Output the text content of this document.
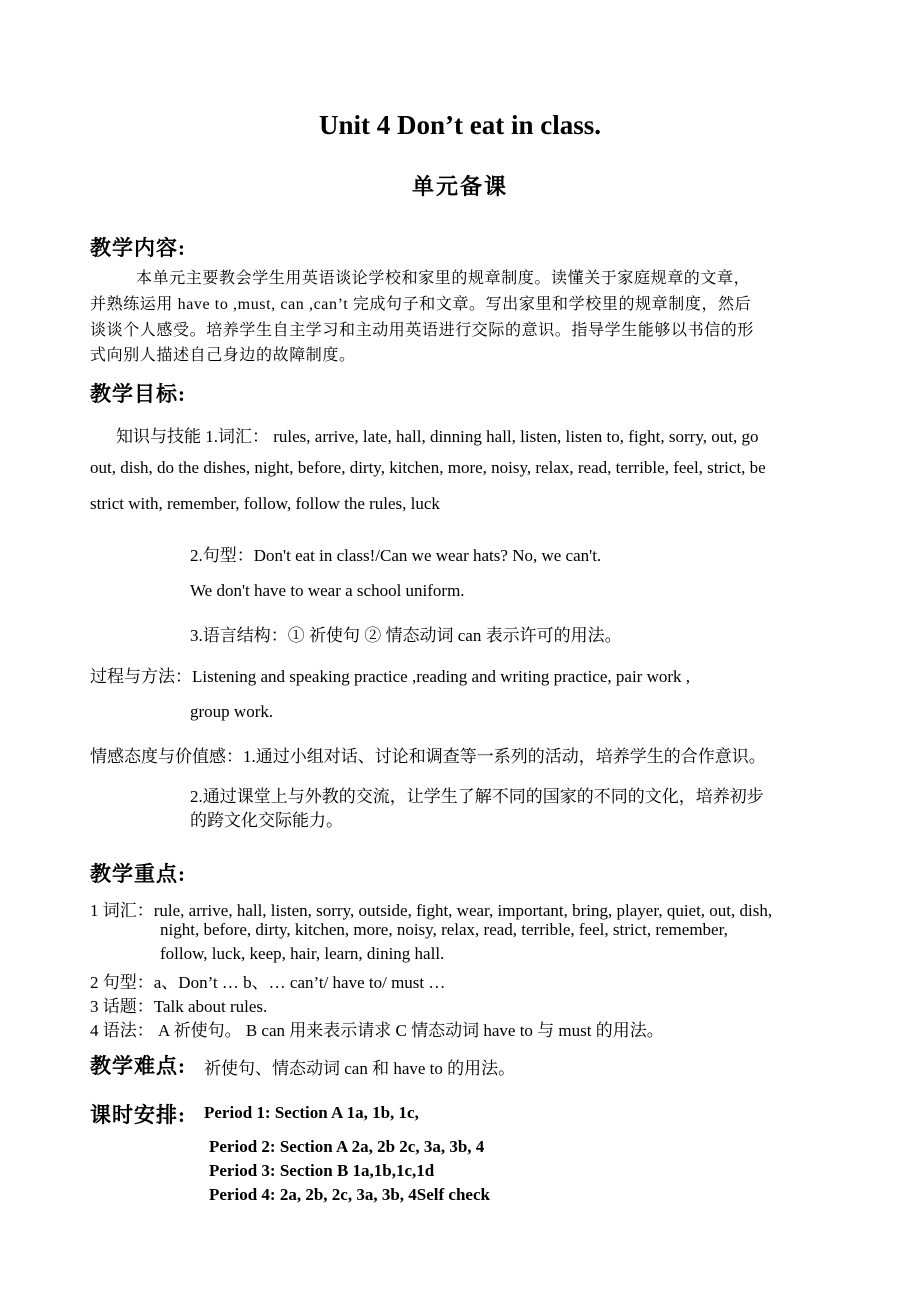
Unit 4 Don’t eat in class.
单元备课
教学内容:
本单元主要教会学生用英语谈论学校和家里的规章制度。读懂关于家庭规章的文章，
并熟练运用 have to ,must, can ,can’t 完成句子和文章。写出家里和学校里的规章制度，然后
谈谈个人感受。培养学生自主学习和主动用英语进行交际的意识。指导学生能够以书信的形
式向别人描述自己身边的故障制度。
教学目标:
知识与技能 1.词汇： rules, arrive, late, hall, dinning hall, listen, listen to, fight, sorry, out, go
out, dish, do the dishes, night, before, dirty, kitchen, more, noisy, relax, read, terrible, feel, strict, be
strict with, remember, follow, follow the rules, luck
2.句型：Don't eat in class!/Can we wear hats? No, we can't.
We don't have to wear a school uniform.
3.语言结构：① 祈使句 ② 情态动词 can 表示许可的用法。
过程与方法：Listening and speaking practice ,reading and writing practice, pair work ,
group work.
情感态度与价值感：1.通过小组对话、讨论和调查等一系列的活动，培养学生的合作意识。
2.通过课堂上与外教的交流，让学生了解不同的国家的不同的文化，培养初步
的跨文化交际能力。
教学重点:
1 词汇：rule, arrive, hall, listen, sorry, outside, fight, wear, important, bring, player, quiet, out, dish,
night, before, dirty, kitchen, more, noisy, relax, read, terrible, feel, strict, remember,
follow, luck, keep, hair, learn, dining hall.
2 句型：a、Don’t … b、… can’t/ have to/ must …
3 话题：Talk about rules.
4 语法： A 祈使句。 B can 用来表示请求 C 情态动词 have to 与 must 的用法。
教学难点: 祈使句、情态动词 can 和 have to 的用法。
课时安排: Period 1: Section A 1a, 1b, 1c,
Period 2: Section A 2a, 2b 2c, 3a, 3b, 4
Period 3: Section B 1a,1b,1c,1d
Period 4: 2a, 2b, 2c, 3a, 3b, 4Self check
